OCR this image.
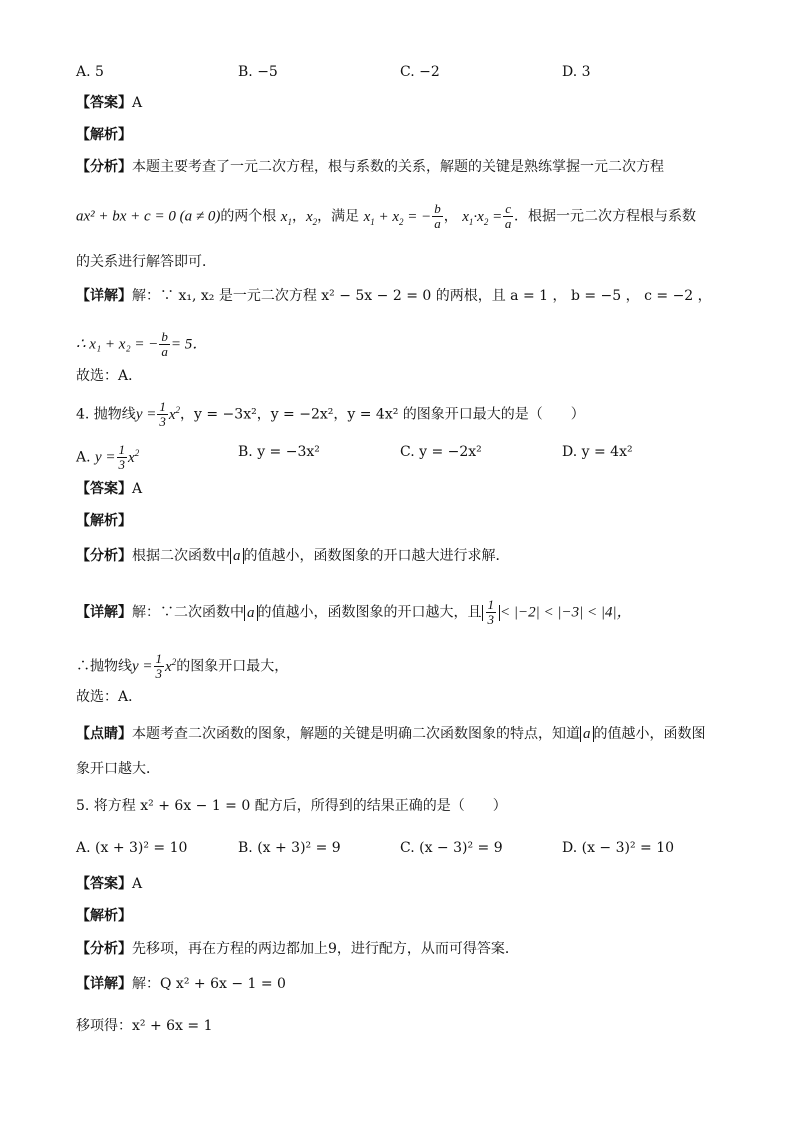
A. 5	B. −5	C. −2	D. 3
【答案】A
【解析】
【分析】本题主要考查了一元二次方程，根与系数的关系，解题的关键是熟练掌握一元二次方程
ax² + bx + c = 0 (a ≠ 0)的两个根 $x_1$，$x_2$，满足 $x_1 + x_2$ = − $\frac{b}{a}$ ， $x_1\cdot x_2 = \frac{c}{a}$ ．根据一元二次方程根与系数
的关系进行解答即可．
【详解】解：∵ x₁, x₂ 是一元二次方程 x² − 5x − 2 = 0 的两根，且 a = 1 ， b = −5 ， c = −2 ，
∴ x₁ + x₂ = − $\frac{b}{a} = 5$．
故选：A．
4. 抛物线$y = \frac{1}{3} x^2$，y = −3x²，y = −2x²，y = 4x² 的图象开口最大的是（　　）
A. $y = \frac{1}{3} x^2$	B. y = −3x²	C. y = −2x²	D. y = 4x²
【答案】A
【解析】
【分析】根据二次函数中 a 的值越小，函数图象的开口越大进行求解．
【详解】解：∵二次函数中 a 的值越小，函数图象的开口越大，且 $\frac{1}{3} < |-2| < |-3| < |4|$，
∴抛物线$y = \frac{1}{3} x^2$的图象开口最大，
故选：A．
【点睛】本题考查二次函数的图象，解题的关键是明确二次函数图象的特点，知道 a 的值越小，函数图
象开口越大．
5. 将方程 x² + 6x − 1 = 0 配方后，所得到的结果正确的是（　　）
A. (x + 3)² = 10	B. (x + 3)² = 9	C. (x − 3)² = 9	D. (x − 3)² = 10
【答案】A
【解析】
【分析】先移项，再在方程的两边都加上9，进行配方，从而可得答案．
【详解】解：Q x² + 6x − 1 = 0
移项得：x² + 6x = 1
